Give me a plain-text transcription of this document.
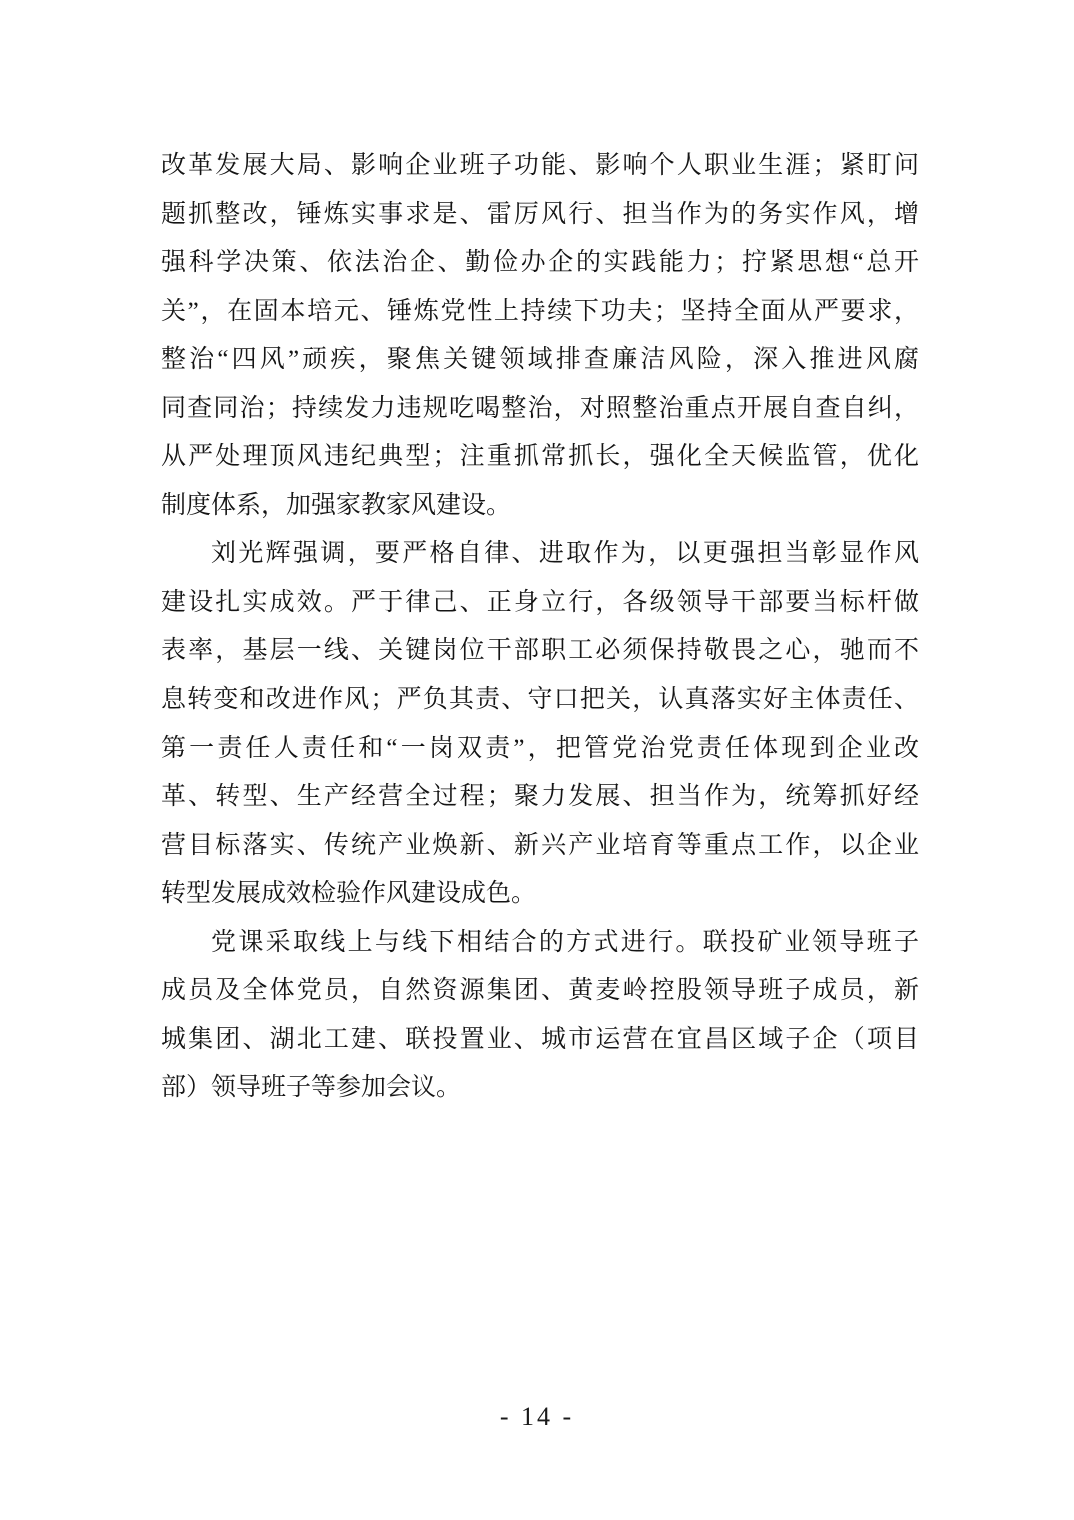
改革发展大局、影响企业班子功能、影响个人职业生涯；紧盯问
题抓整改，锤炼实事求是、雷厉风行、担当作为的务实作风，增
强科学决策、依法治企、勤俭办企的实践能力；拧紧思想“总开
关”，在固本培元、锤炼党性上持续下功夫；坚持全面从严要求，
整治“四风”顽疾，聚焦关键领域排查廉洁风险，深入推进风腐
同查同治；持续发力违规吃喝整治，对照整治重点开展自查自纠，
从严处理顶风违纪典型；注重抓常抓长，强化全天候监管，优化
制度体系，加强家教家风建设。
刘光辉强调，要严格自律、进取作为，以更强担当彰显作风
建设扎实成效。严于律己、正身立行，各级领导干部要当标杆做
表率，基层一线、关键岗位干部职工必须保持敬畏之心，驰而不
息转变和改进作风；严负其责、守口把关，认真落实好主体责任、
第一责任人责任和“一岗双责”，把管党治党责任体现到企业改
革、转型、生产经营全过程；聚力发展、担当作为，统筹抓好经
营目标落实、传统产业焕新、新兴产业培育等重点工作，以企业
转型发展成效检验作风建设成色。
党课采取线上与线下相结合的方式进行。联投矿业领导班子
成员及全体党员，自然资源集团、黄麦岭控股领导班子成员，新
城集团、湖北工建、联投置业、城市运营在宜昌区域子企（项目
部）领导班子等参加会议。
- 14 -
